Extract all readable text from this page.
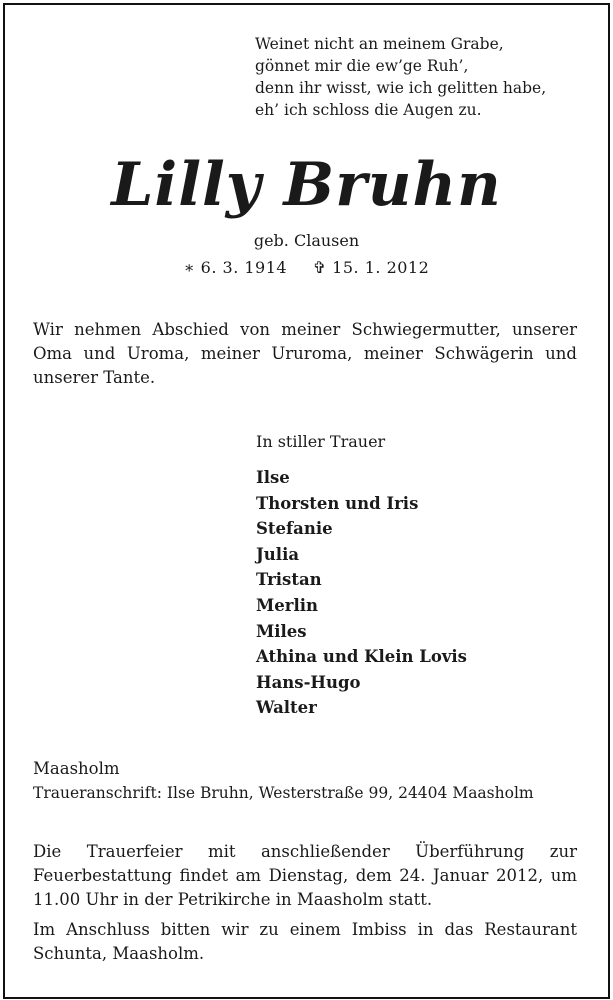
Weinet nicht an meinem Grabe,
gönnet mir die ew’ge Ruh’,
denn ihr wisst, wie ich gelitten habe,
eh’ ich schloss die Augen zu.
Lilly Bruhn
geb. Clausen
∗ 6. 3. 1914 ✞ 15. 1. 2012
Wir nehmen Abschied von meiner Schwiegermutter, unserer Oma und Uroma, meiner Ururoma, meiner Schwägerin und unserer Tante.
In stiller Trauer
Ilse
Thorsten und Iris
Stefanie
Julia
Tristan
Merlin
Miles
Athina und Klein Lovis
Hans-Hugo
Walter
Maasholm
Traueranschrift: Ilse Bruhn, Westerstraße 99, 24404 Maasholm
Die Trauerfeier mit anschließender Überführung zur Feuerbestattung findet am Dienstag, dem 24. Januar 2012, um 11.00 Uhr in der Petrikirche in Maasholm statt.
Im Anschluss bitten wir zu einem Imbiss in das Restaurant Schunta, Maasholm.
